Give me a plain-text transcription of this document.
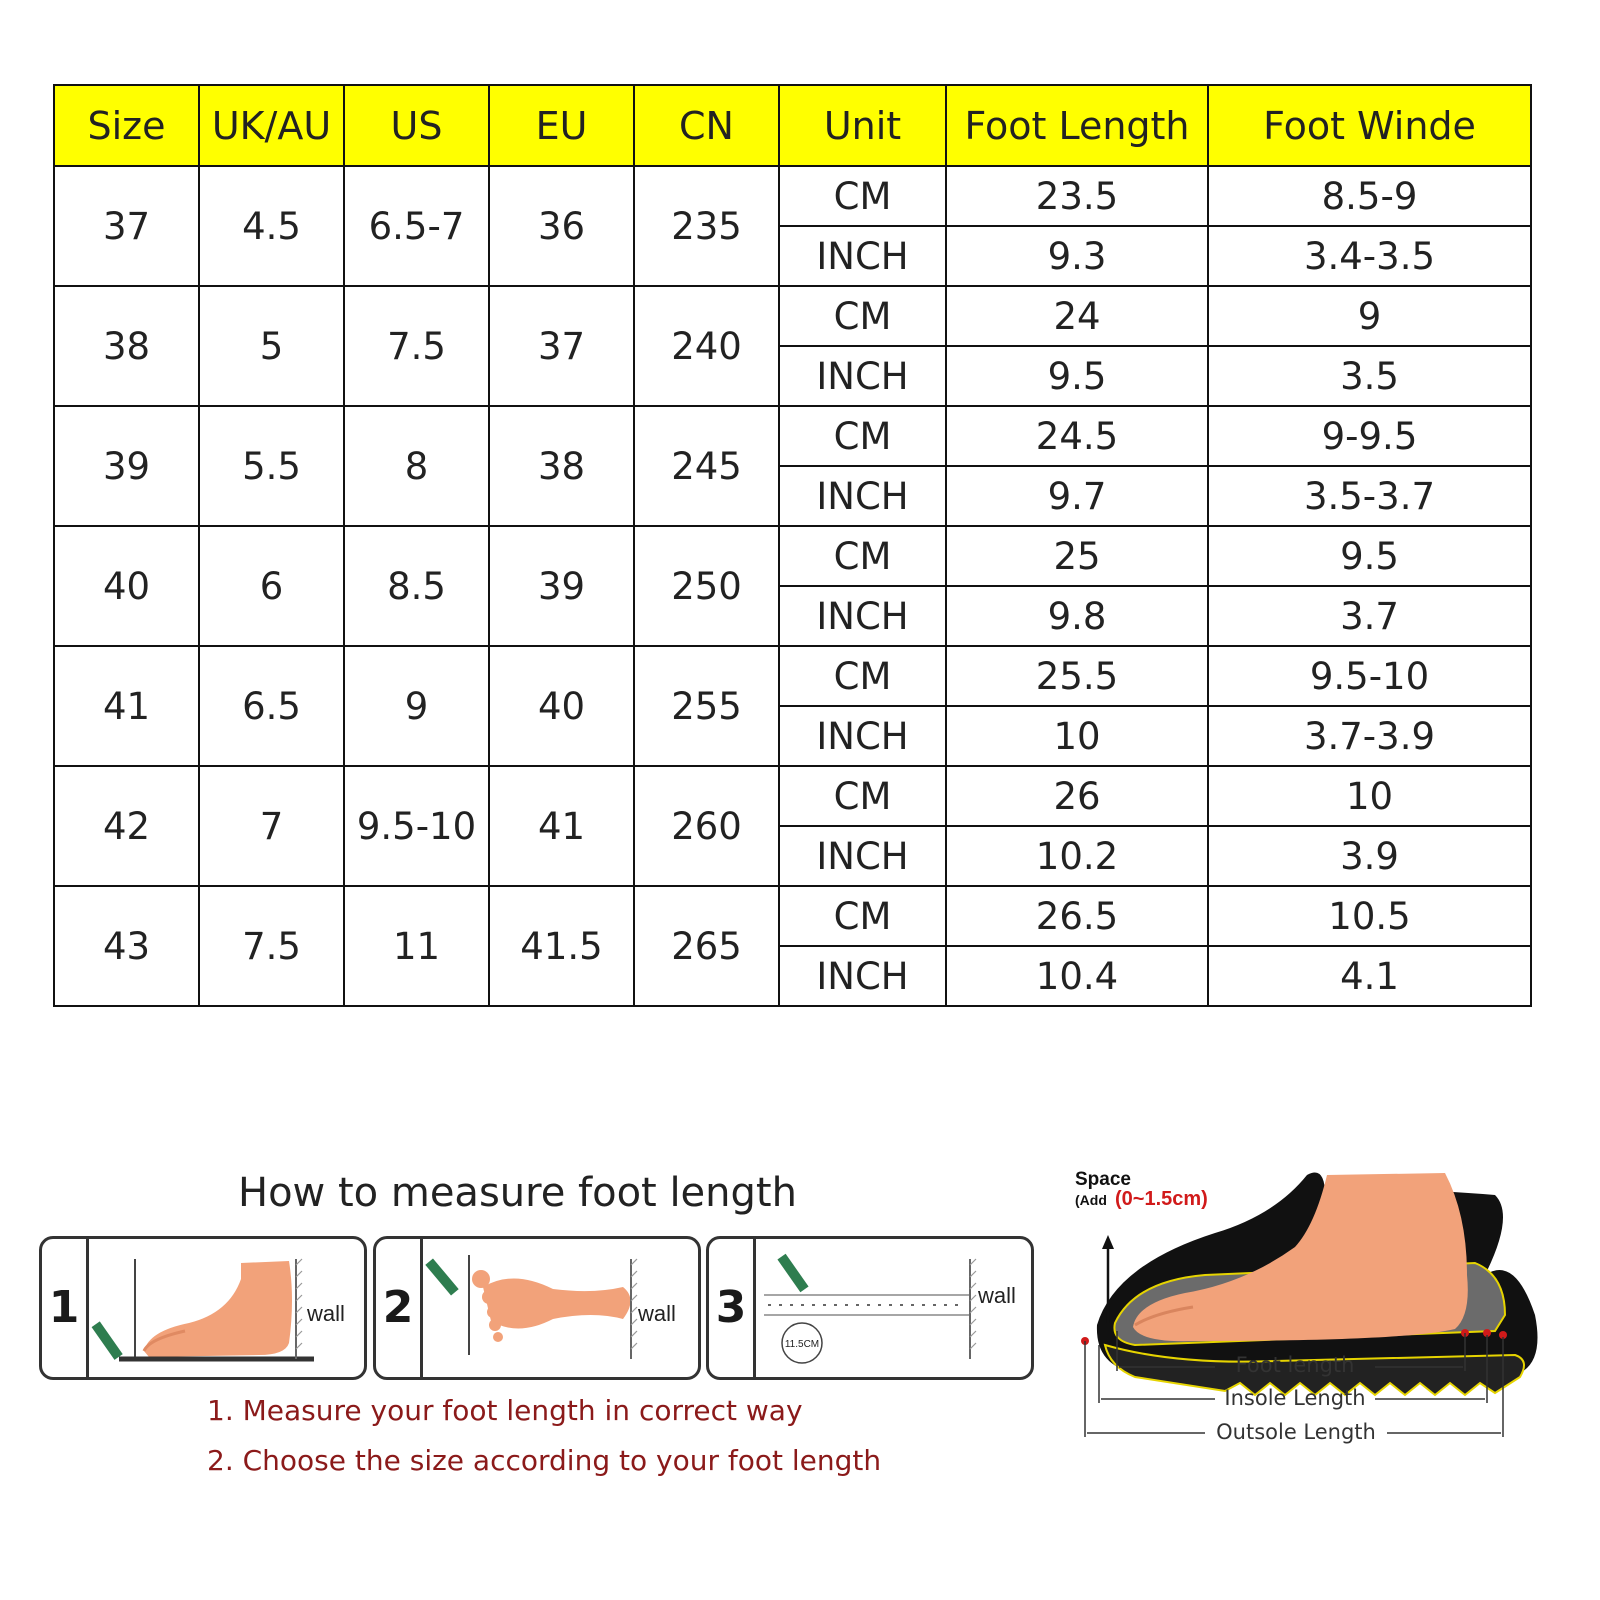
Size	UK/AU	US	EU	CN	Unit	Foot Length	Foot Winde
37	4.5	6.5-7	36	235	CM	23.5	8.5-9
					INCH	9.3	3.4-3.5
38	5	7.5	37	240	CM	24	9
					INCH	9.5	3.5
39	5.5	8	38	245	CM	24.5	9-9.5
					INCH	9.7	3.5-3.7
40	6	8.5	39	250	CM	25	9.5
					INCH	9.8	3.7
41	6.5	9	40	255	CM	25.5	9.5-10
					INCH	10	3.7-3.9
42	7	9.5-10	41	260	CM	26	10
					INCH	10.2	3.9
43	7.5	11	41.5	265	CM	26.5	10.5
					INCH	10.4	4.1
How to measure foot length
1	wall 2	wall 3
11.5CM
wall
1. Measure your foot length in correct way
2. Choose the size according to your foot length
Space
(Add (0~1.5cm)
Foot length
Insole Length
Outsole Length
